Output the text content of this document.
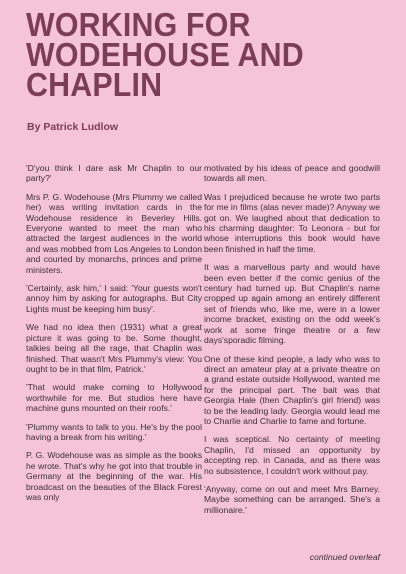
WORKING FOR
WODEHOUSE AND
CHAPLIN
By Patrick Ludlow

'D'you think I dare ask Mr Chaplin to our party?'

Mrs P. G. Wodehouse (Mrs Plummy we called her) was writing invitation cards in the Wodehouse residence in Beverley Hills. Everyone wanted to meet the man who attracted the largest audiences in the world and was mobbed from Los Angeles to London and courted by monarchs, princes and prime ministers.

'Certainly, ask him,' I said: 'Your guests won't annoy him by asking for autographs. But City Lights must be keeping him busy'.

We had no idea then (1931) what a great picture it was going to be. Some thought, talkies being all the rage, that Chaplin was finished. That wasn't Mrs Plummy's view: You ought to be in that film, Patrick.'

'That would make coming to Hollywood worthwhile for me. But studios here have machine guns mounted on their roofs.'

'Plummy wants to talk to you. He's by the pool having a break from his writing.'

P. G. Wodehouse was as simple as the books he wrote. That's why he got into that trouble in Germany at the beginning of the war. His broadcast on the beauties of the Black Forest was only

motivated by his ideas of peace and goodwill towards all men.

Was I prejudiced because he wrote two parts for me in films (alas never made)? Anyway we got on. We laughed about that dedication to his charming daughter: To Leonora - but for whose interruptions this book would have been finished in half the time.

It was a marvellous party and would have been even better if the comic genius of the century had turned up. But Chaplin's name cropped up again among an entirely different set of friends who, like me, were in a lower income bracket, existing on the odd week's work at some fringe theatre or a few days'sporadic filming.

One of these kind people, a lady who was to direct an amateur play at a private theatre on a grand estate outside Hollywood, wanted me for the principal part. The bait was that Georgia Hale (then Chaplin's girl friend) was to be the leading lady. Georgia would lead me to Charlie and Charlie to fame and fortune.

I was sceptical. No certainty of meeting Chaplin, I'd missed an opportunity by accepting rep. in Canada, and as there was no subsistence, I couldn't work without pay.

'Anyway, come on out and meet Mrs Barney. Maybe something can be arranged. She's a millionaire.'

continued overleaf
